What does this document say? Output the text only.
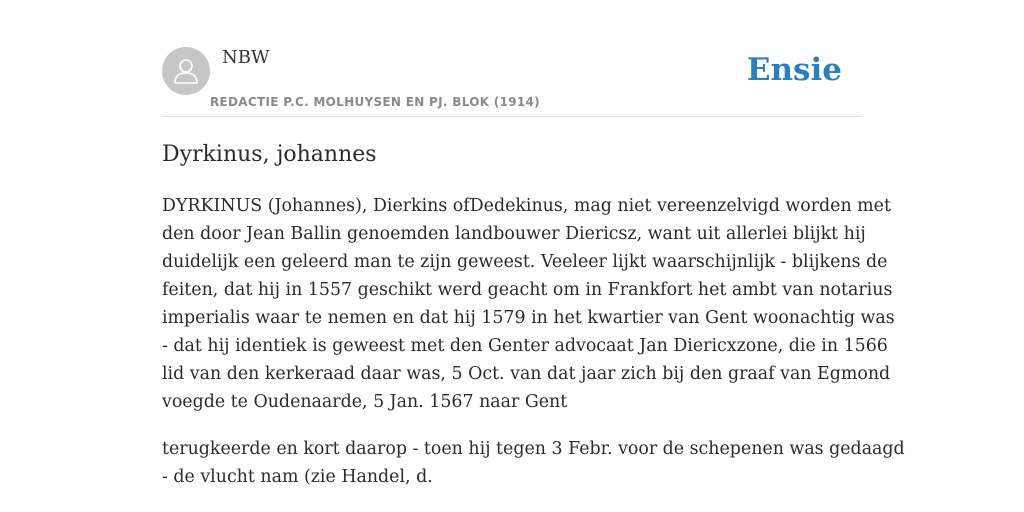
NBW
REDACTIE P.C. MOLHUYSEN EN PJ. BLOK (1914)
Ensie
Dyrkinus, johannes

DYRKINUS (Johannes), Dierkins ofDedekinus, mag niet vereenzelvigd worden met
den door Jean Ballin genoemden landbouwer Diericsz, want uit allerlei blijkt hij
duidelijk een geleerd man te zijn geweest. Veeleer lijkt waarschijnlijk - blijkens de
feiten, dat hij in 1557 geschikt werd geacht om in Frankfort het ambt van notarius
imperialis waar te nemen en dat hij 1579 in het kwartier van Gent woonachtig was
- dat hij identiek is geweest met den Genter advocaat Jan Diericxzone, die in 1566
lid van den kerkeraad daar was, 5 Oct. van dat jaar zich bij den graaf van Egmond
voegde te Oudenaarde, 5 Jan. 1567 naar Gent

terugkeerde en kort daarop - toen hij tegen 3 Febr. voor de schepenen was gedaagd
- de vlucht nam (zie Handel, d.
